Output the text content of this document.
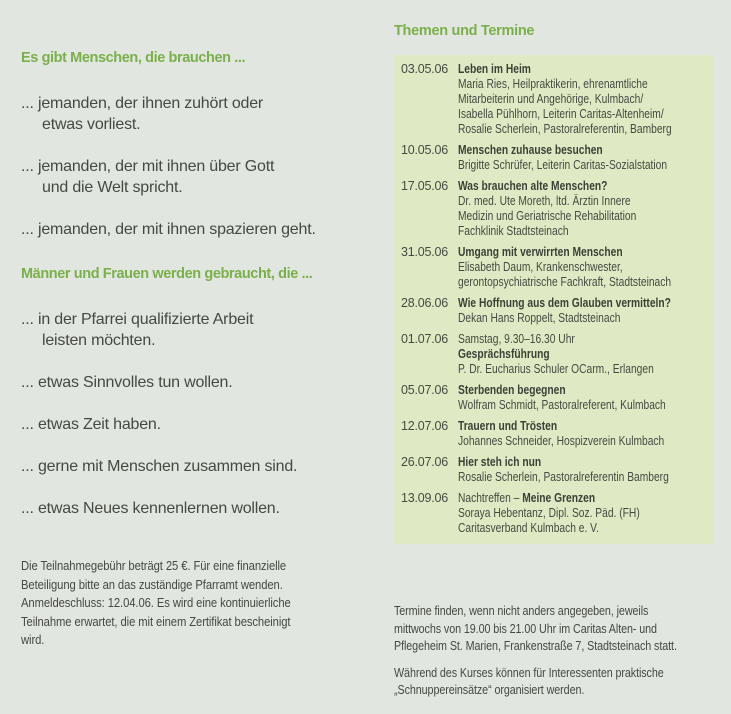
Es gibt Menschen, die brauchen ...
... jemanden, der ihnen zuhört oder
etwas vorliest.
... jemanden, der mit ihnen über Gott
und die Welt spricht.
... jemanden, der mit ihnen spazieren geht.
Männer und Frauen werden gebraucht, die ...
... in der Pfarrei qualifizierte Arbeit
leisten möchten.
... etwas Sinnvolles tun wollen.
... etwas Zeit haben.
... gerne mit Menschen zusammen sind.
... etwas Neues kennenlernen wollen.
Die Teilnahmegebühr beträgt 25 €. Für eine finanzielle
Beteiligung bitte an das zuständige Pfarramt wenden.
Anmeldeschluss: 12.04.06. Es wird eine kontinuierliche
Teilnahme erwartet, die mit einem Zertifikat bescheinigt
wird.
Themen und Termine
03.05.06 Leben im Heim
Maria Ries, Heilpraktikerin, ehrenamtliche
Mitarbeiterin und Angehörige, Kulmbach/
Isabella Pühlhorn, Leiterin Caritas-Altenheim/
Rosalie Scherlein, Pastoralreferentin, Bamberg
10.05.06 Menschen zuhause besuchen
Brigitte Schrüfer, Leiterin Caritas-Sozialstation
17.05.06 Was brauchen alte Menschen?
Dr. med. Ute Moreth, ltd. Ärztin Innere
Medizin und Geriatrische Rehabilitation
Fachklinik Stadtsteinach
31.05.06 Umgang mit verwirrten Menschen
Elisabeth Daum, Krankenschwester,
gerontopsychiatrische Fachkraft, Stadtsteinach
28.06.06 Wie Hoffnung aus dem Glauben vermitteln?
Dekan Hans Roppelt, Stadtsteinach
01.07.06 Samstag, 9.30–16.30 Uhr
Gesprächsführung
P. Dr. Eucharius Schuler OCarm., Erlangen
05.07.06 Sterbenden begegnen
Wolfram Schmidt, Pastoralreferent, Kulmbach
12.07.06 Trauern und Trösten
Johannes Schneider, Hospizverein Kulmbach
26.07.06 Hier steh ich nun
Rosalie Scherlein, Pastoralreferentin Bamberg
13.09.06 Nachtreffen – Meine Grenzen
Soraya Hebentanz, Dipl. Soz. Päd. (FH)
Caritasverband Kulmbach e. V.
Termine finden, wenn nicht anders angegeben, jeweils
mittwochs von 19.00 bis 21.00 Uhr im Caritas Alten- und
Pflegeheim St. Marien, Frankenstraße 7, Stadtsteinach statt.
Während des Kurses können für Interessenten praktische
„Schnuppereinsätze“ organisiert werden.
